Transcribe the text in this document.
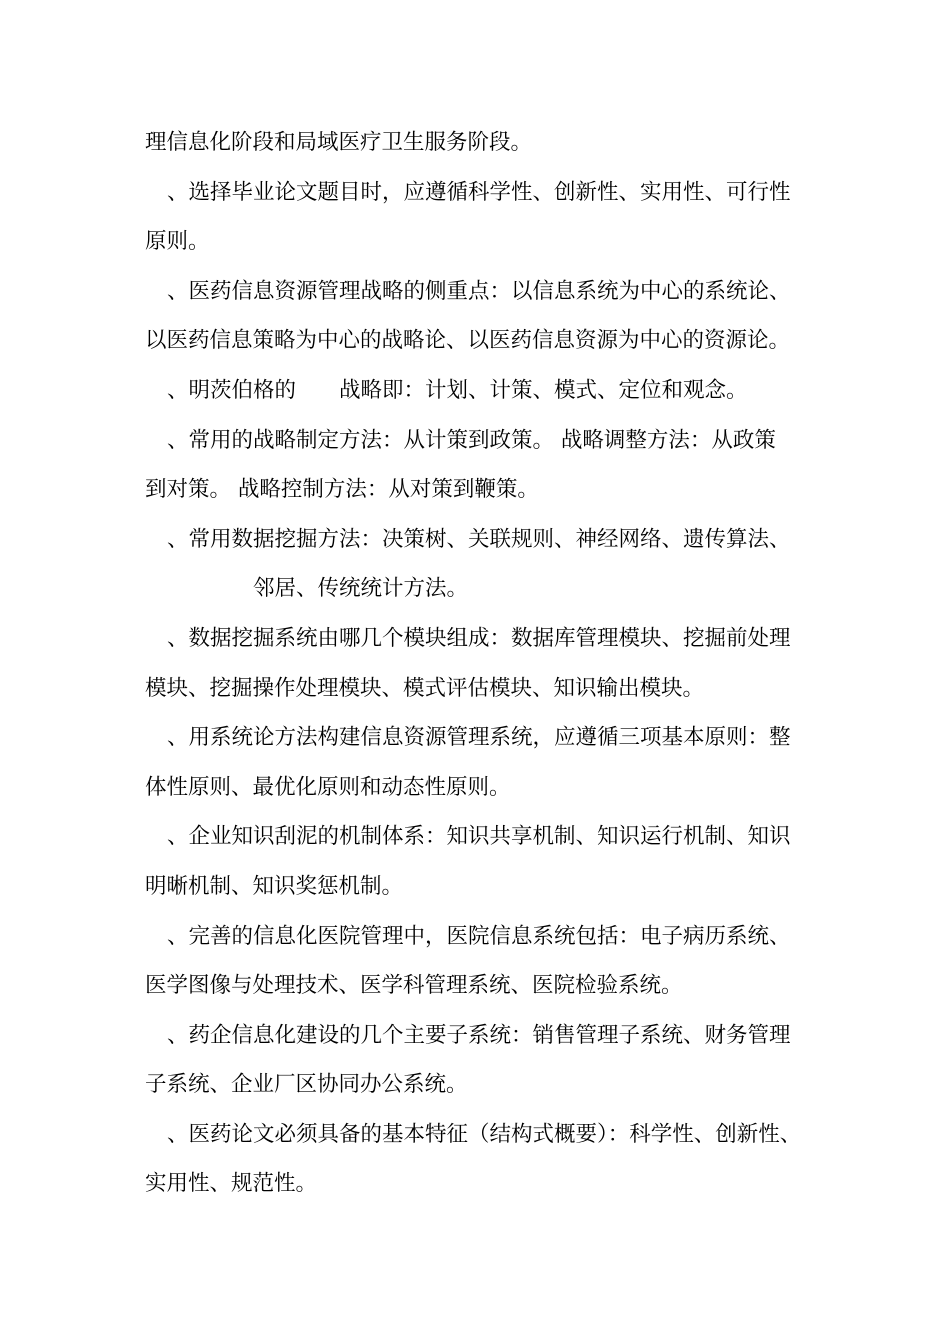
理信息化阶段和局域医疗卫生服务阶段。
、选择毕业论文题目时，应遵循科学性、创新性、实用性、可行性
原则。
、医药信息资源管理战略的侧重点：以信息系统为中心的系统论、
以医药信息策略为中心的战略论、以医药信息资源为中心的资源论。
、明茨伯格的　　战略即：计划、计策、模式、定位和观念。
、常用的战略制定方法：从计策到政策。 战略调整方法：从政策
到对策。 战略控制方法：从对策到鞭策。
、常用数据挖掘方法：决策树、关联规则、神经网络、遗传算法、
邻居、传统统计方法。
、数据挖掘系统由哪几个模块组成：数据库管理模块、挖掘前处理
模块、挖掘操作处理模块、模式评估模块、知识输出模块。
、用系统论方法构建信息资源管理系统，应遵循三项基本原则：整
体性原则、最优化原则和动态性原则。
、企业知识刮泥的机制体系：知识共享机制、知识运行机制、知识
明晰机制、知识奖惩机制。
、完善的信息化医院管理中，医院信息系统包括：电子病历系统、
医学图像与处理技术、医学科管理系统、医院检验系统。
、药企信息化建设的几个主要子系统：销售管理子系统、财务管理
子系统、企业厂区协同办公系统。
、医药论文必须具备的基本特征（结构式概要）：科学性、创新性、
实用性、规范性。
